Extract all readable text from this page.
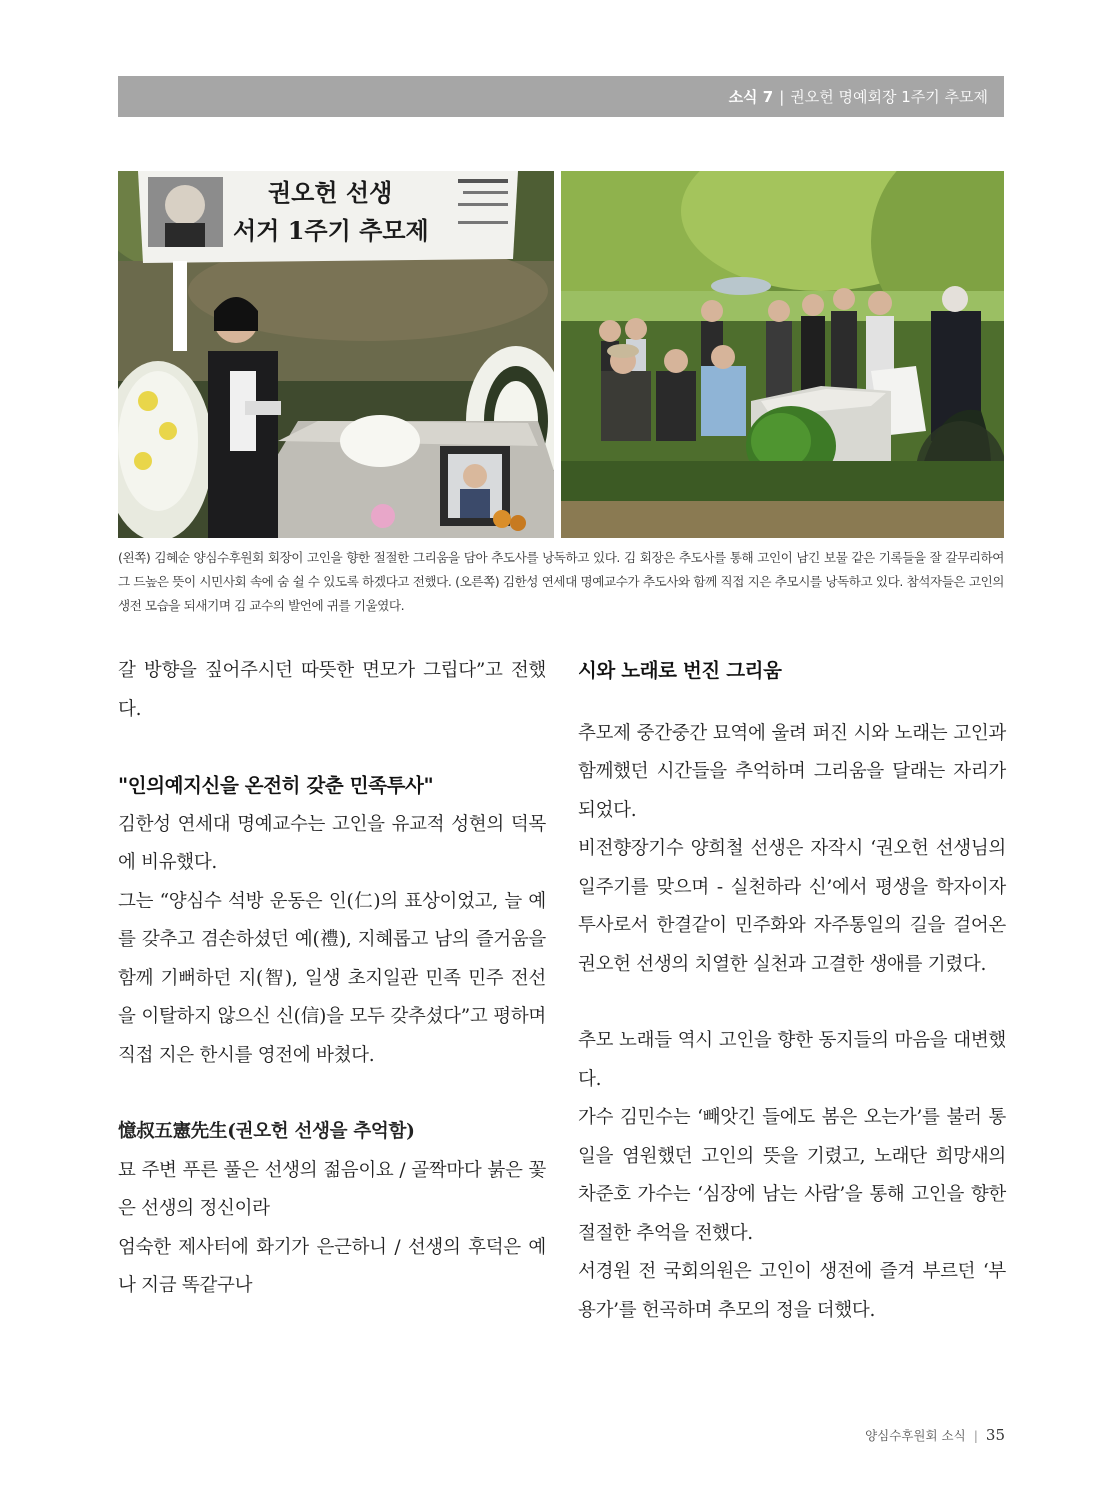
소식 7 | 권오헌 명예회장 1주기 추모제
권오헌 선생
서거 1주기 추모제
(왼쪽) 김혜순 양심수후원회 회장이 고인을 향한 절절한 그리움을 담아 추도사를 낭독하고 있다. 김 회장은 추도사를 통해 고인이 남긴 보물 같은 기록들을 잘 갈무리하여 그 드높은 뜻이 시민사회 속에 숨 쉴 수 있도록 하겠다고 전했다. (오른쪽) 김한성 연세대 명예교수가 추도사와 함께 직접 지은 추모시를 낭독하고 있다. 참석자들은 고인의 생전 모습을 되새기며 김 교수의 발언에 귀를 기울였다.

갈 방향을 짚어주시던 따뜻한 면모가 그립다”고 전했다.

"인의예지신을 온전히 갖춘 민족투사"

김한성 연세대 명예교수는 고인을 유교적 성현의 덕목에 비유했다.

그는 “양심수 석방 운동은 인(仁)의 표상이었고, 늘 예를 갖추고 겸손하셨던 예(禮), 지혜롭고 남의 즐거움을 함께 기뻐하던 지(智), 일생 초지일관 민족 민주 전선을 이탈하지 않으신 신(信)을 모두 갖추셨다”고 평하며 직접 지은 한시를 영전에 바쳤다.

憶叔五憲先生(권오헌 선생을 추억함)

묘 주변 푸른 풀은 선생의 젊음이요 / 골짝마다 붉은 꽃은 선생의 정신이라

엄숙한 제사터에 화기가 은근하니 / 선생의 후덕은 예나 지금 똑같구나

시와 노래로 번진 그리움

추모제 중간중간 묘역에 울려 퍼진 시와 노래는 고인과 함께했던 시간들을 추억하며 그리움을 달래는 자리가 되었다.

비전향장기수 양희철 선생은 자작시 ‘권오헌 선생님의 일주기를 맞으며 - 실천하라 신’에서 평생을 학자이자 투사로서 한결같이 민주화와 자주통일의 길을 걸어온 권오헌 선생의 치열한 실천과 고결한 생애를 기렸다.

추모 노래들 역시 고인을 향한 동지들의 마음을 대변했다.

가수 김민수는 ‘빼앗긴 들에도 봄은 오는가’를 불러 통일을 염원했던 고인의 뜻을 기렸고, 노래단 희망새의 차준호 가수는 ‘심장에 남는 사람’을 통해 고인을 향한 절절한 추억을 전했다.

서경원 전 국회의원은 고인이 생전에 즐겨 부르던 ‘부용가’를 헌곡하며 추모의 정을 더했다.

양심수후원회 소식 | 35
